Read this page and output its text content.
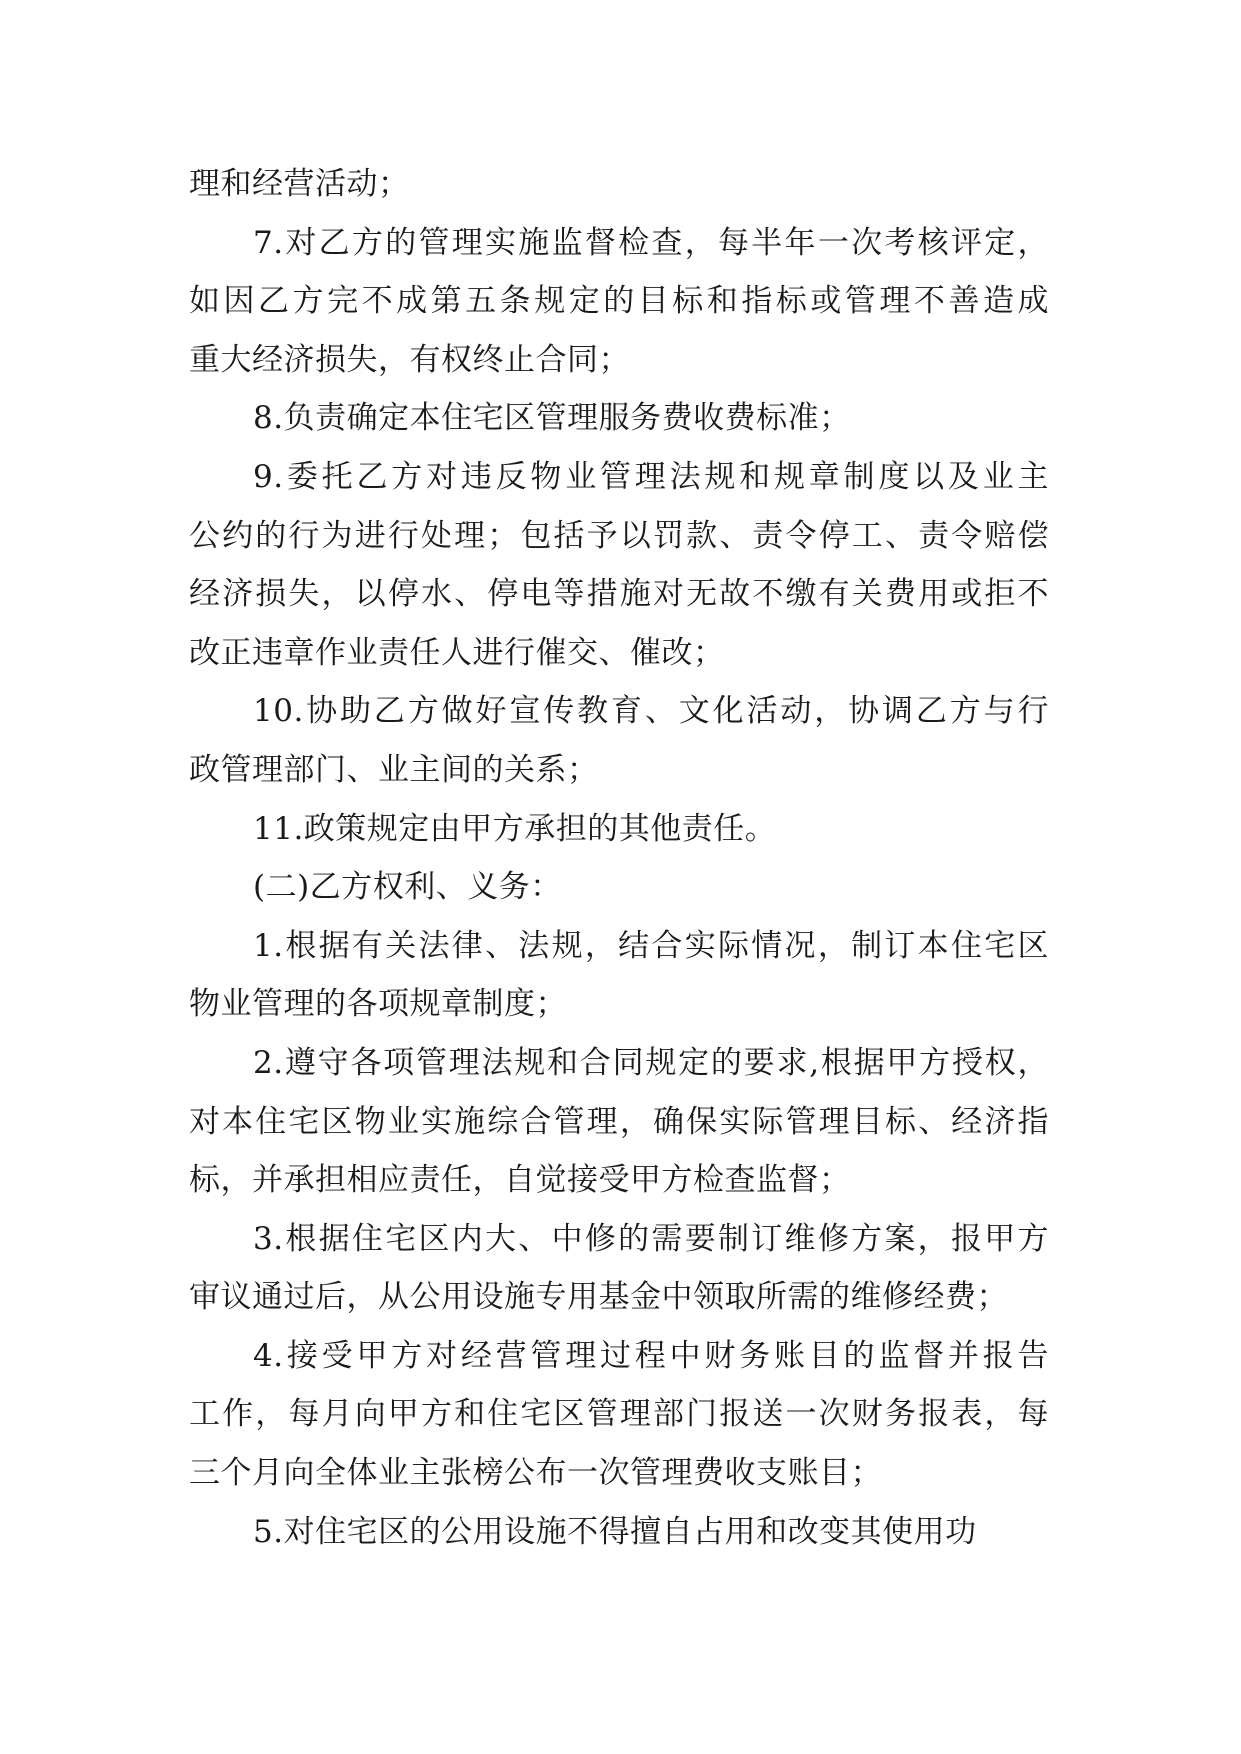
理和经营活动；
7.对乙方的管理实施监督检查，每半年一次考核评定，
如因乙方完不成第五条规定的目标和指标或管理不善造成
重大经济损失，有权终止合同；
8.负责确定本住宅区管理服务费收费标准；
9.委托乙方对违反物业管理法规和规章制度以及业主
公约的行为进行处理；包括予以罚款、责令停工、责令赔偿
经济损失，以停水、停电等措施对无故不缴有关费用或拒不
改正违章作业责任人进行催交、催改；
10.协助乙方做好宣传教育、文化活动，协调乙方与行
政管理部门、业主间的关系；
11.政策规定由甲方承担的其他责任。
(二)乙方权利、义务：
1.根据有关法律、法规，结合实际情况，制订本住宅区
物业管理的各项规章制度；
2.遵守各项管理法规和合同规定的要求,根据甲方授权，
对本住宅区物业实施综合管理，确保实际管理目标、经济指
标，并承担相应责任，自觉接受甲方检查监督；
3.根据住宅区内大、中修的需要制订维修方案，报甲方
审议通过后，从公用设施专用基金中领取所需的维修经费；
4.接受甲方对经营管理过程中财务账目的监督并报告
工作，每月向甲方和住宅区管理部门报送一次财务报表，每
三个月向全体业主张榜公布一次管理费收支账目；
5.对住宅区的公用设施不得擅自占用和改变其使用功
